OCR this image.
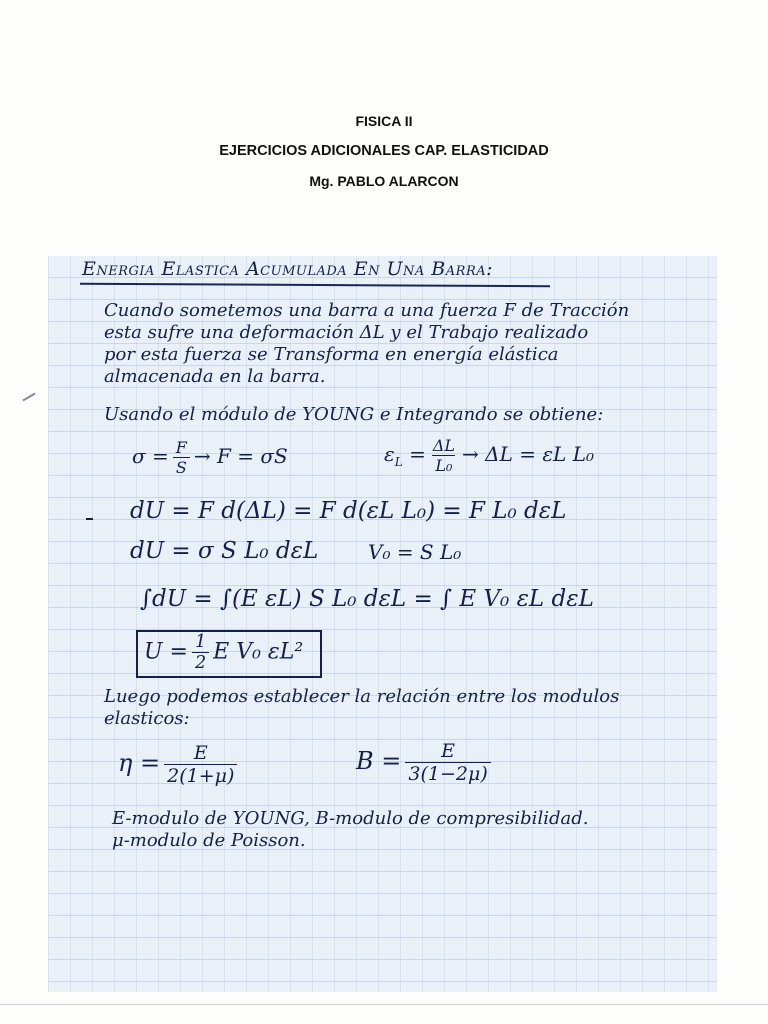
FISICA II
EJERCICIOS ADICIONALES CAP. ELASTICIDAD
Mg. PABLO ALARCON
Energia Elastica Acumulada En Una Barra:
Cuando sometemos una barra a una fuerza F de Tracción
esta sufre una deformación ΔL y el Trabajo realizado
por esta fuerza se Transforma en energía elástica
almacenada en la barra.
Usando el módulo de YOUNG e Integrando se obtiene:
$\sigma = \frac{F}{S} \to F = \sigma S$	$\varepsilon_L = \frac{\Delta L}{\text{L₀}} \to \Delta L = \varepsilon L$ L₀
dU = F d(ΔL) = F d(εL L₀) = F L₀ dεL
dU = σ S L₀ dεL V₀ = S L₀
∫dU = ∫(E εL) S L₀ dεL = ∫ E V₀ εL dεL
$U = \frac{1}{2}$ E V₀ εL²
Luego podemos establecer la relación entre los modulos
elasticos:
$\eta = \frac{E}{2(1+\mu)}$	$B = \frac{E}{3(1-2\mu)}$
E-modulo de YOUNG, B-modulo de compresibilidad.
μ-modulo de Poisson.
